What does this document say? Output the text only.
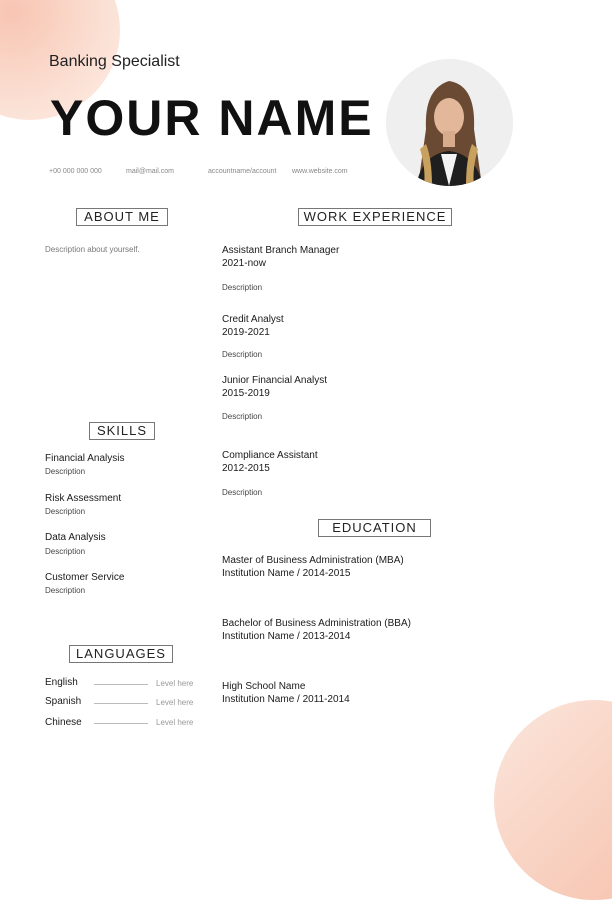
Banking Specialist
YOUR NAME
+00 000 000 000	mail@mail.com	accountname/account www.website.com
ABOUT ME
Description about yourself.
WORK EXPERIENCE
Assistant Branch Manager
2021-now
Description
Credit Analyst
2019-2021
Description
Junior Financial Analyst
2015-2019
Description
Compliance Assistant
2012-2015
Description
EDUCATION
Master of Business Administration (MBA)
Institution Name / 2014-2015
Bachelor of Business Administration (BBA)
Institution Name / 2013-2014
High School Name
Institution Name / 2011-2014
SKILLS
Financial Analysis
Description
Risk Assessment
Description
Data Analysis
Description
Customer Service
Description
LANGUAGES
English	Level here
Spanish	Level here
Chinese	Level here
